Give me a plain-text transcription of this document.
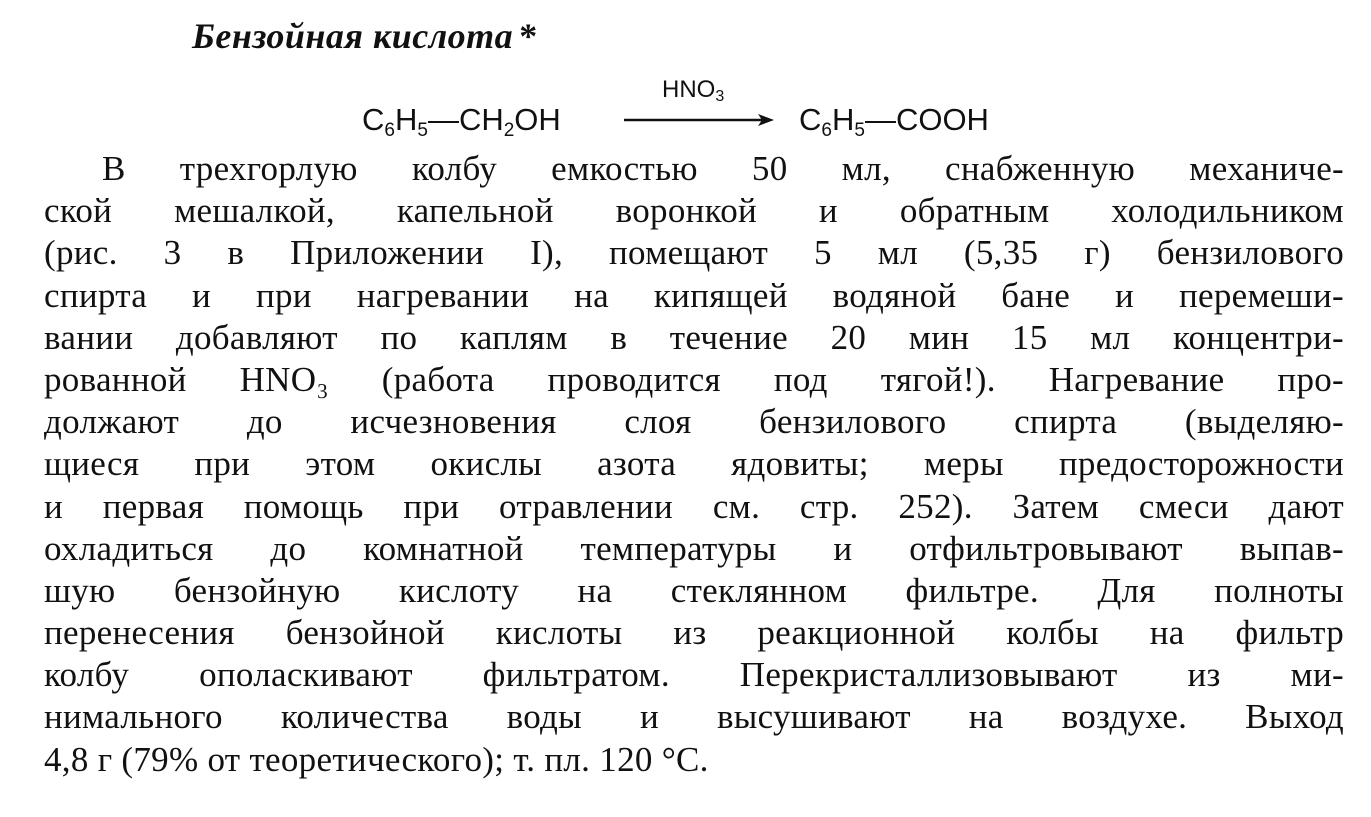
Бензойная кислота *
$C_6H_5—CH_2OH$
$HNO_3$
$C_6H_5—COOH$
В трехгорлую колбу емкостью 50 мл, снабженную механиче-
ской мешалкой, капельной воронкой и обратным холодильником
(рис. 3 в Приложении I), помещают 5 мл (5,35 г) бензилового
спирта и при нагревании на кипящей водяной бане и перемеши-
вании добавляют по каплям в течение 20 мин 15 мл концентри-
рованной HNO₃ (работа проводится под тягой!). Нагревание про-
должают до исчезновения слоя бензилового спирта (выделяю-
щиеся при этом окислы азота ядовиты; меры предосторожности
и первая помощь при отравлении см. стр. 252). Затем смеси дают
охладиться до комнатной температуры и отфильтровывают выпав-
шую бензойную кислоту на стеклянном фильтре. Для полноты
перенесения бензойной кислоты из реакционной колбы на фильтр
колбу ополаскивают фильтратом. Перекристаллизовывают из ми-
нимального количества воды и высушивают на воздухе. Выход
4,8 г (79% от теоретического); т. пл. 120 °C.
